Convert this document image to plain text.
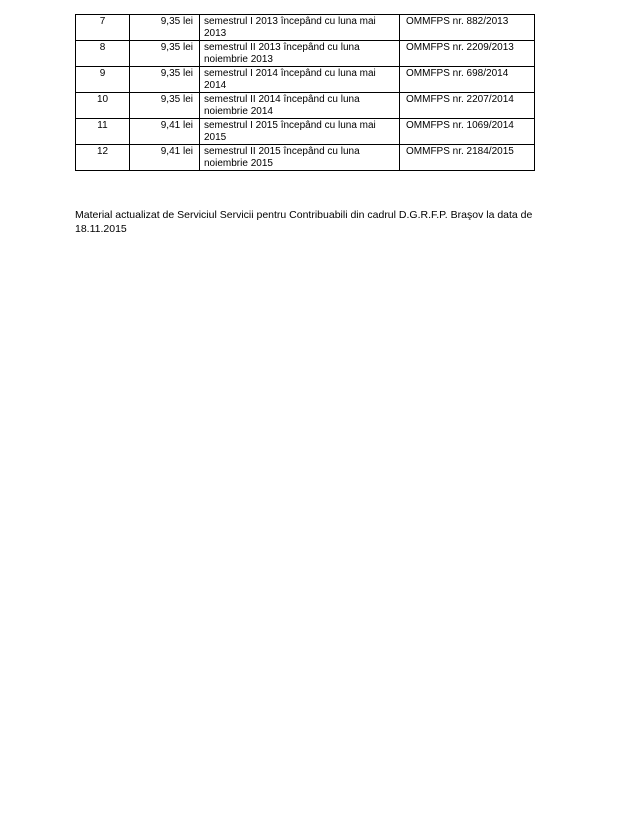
7	9,35 lei	semestrul I 2013 începând cu luna mai 2013	OMMFPS nr. 882/2013
8	9,35 lei	semestrul II 2013 începând cu luna noiembrie 2013	OMMFPS nr. 2209/2013
9	9,35 lei	semestrul I 2014 începând cu luna mai 2014	OMMFPS nr. 698/2014
10	9,35 lei	semestrul II 2014 începând cu luna noiembrie 2014	OMMFPS nr. 2207/2014
11	9,41 lei	semestrul I 2015 începând cu luna mai 2015	OMMFPS nr. 1069/2014
12	9,41 lei	semestrul II 2015 începând cu luna noiembrie 2015	OMMFPS nr. 2184/2015

Material actualizat de Serviciul Servicii pentru Contribuabili din cadrul D.G.R.F.P. Braşov la data de 18.11.2015
